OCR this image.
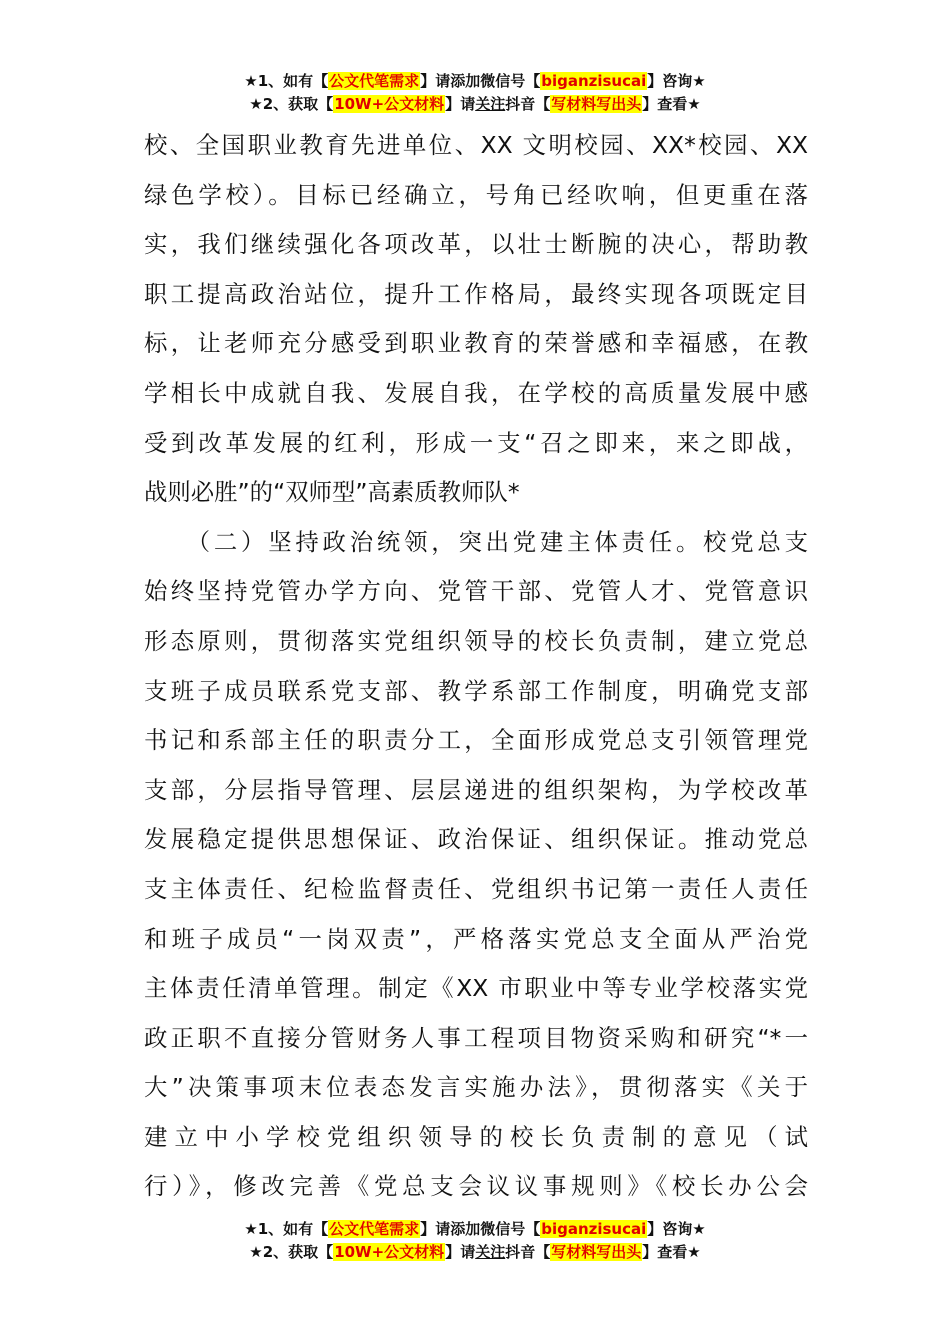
★1、如有【公文代笔需求】请添加微信号【biganzisucai】咨询★
★2、获取【10W+公文材料】请关注抖音【写材料写出头】查看★
校、全国职业教育先进单位、XX 文明校园、XX*校园、XX
绿色学校）。目标已经确立，号角已经吹响，但更重在落
实，我们继续强化各项改革，以壮士断腕的决心，帮助教
职工提高政治站位，提升工作格局，最终实现各项既定目
标，让老师充分感受到职业教育的荣誉感和幸福感，在教
学相长中成就自我、发展自我，在学校的高质量发展中感
受到改革发展的红利，形成一支“召之即来，来之即战，
战则必胜”的“双师型”高素质教师队*
　　（二）坚持政治统领，突出党建主体责任。校党总支
始终坚持党管办学方向、党管干部、党管人才、党管意识
形态原则，贯彻落实党组织领导的校长负责制，建立党总
支班子成员联系党支部、教学系部工作制度，明确党支部
书记和系部主任的职责分工，全面形成党总支引领管理党
支部，分层指导管理、层层递进的组织架构，为学校改革
发展稳定提供思想保证、政治保证、组织保证。推动党总
支主体责任、纪检监督责任、党组织书记第一责任人责任
和班子成员“一岗双责”，严格落实党总支全面从严治党
主体责任清单管理。制定《XX 市职业中等专业学校落实党
政正职不直接分管财务人事工程项目物资采购和研究“*一
大”决策事项末位表态发言实施办法》，贯彻落实《关于
建立中小学校党组织领导的校长负责制的意见（试
行）》，修改完善《党总支会议议事规则》《校长办公会
★1、如有【公文代笔需求】请添加微信号【biganzisucai】咨询★
★2、获取【10W+公文材料】请关注抖音【写材料写出头】查看★
